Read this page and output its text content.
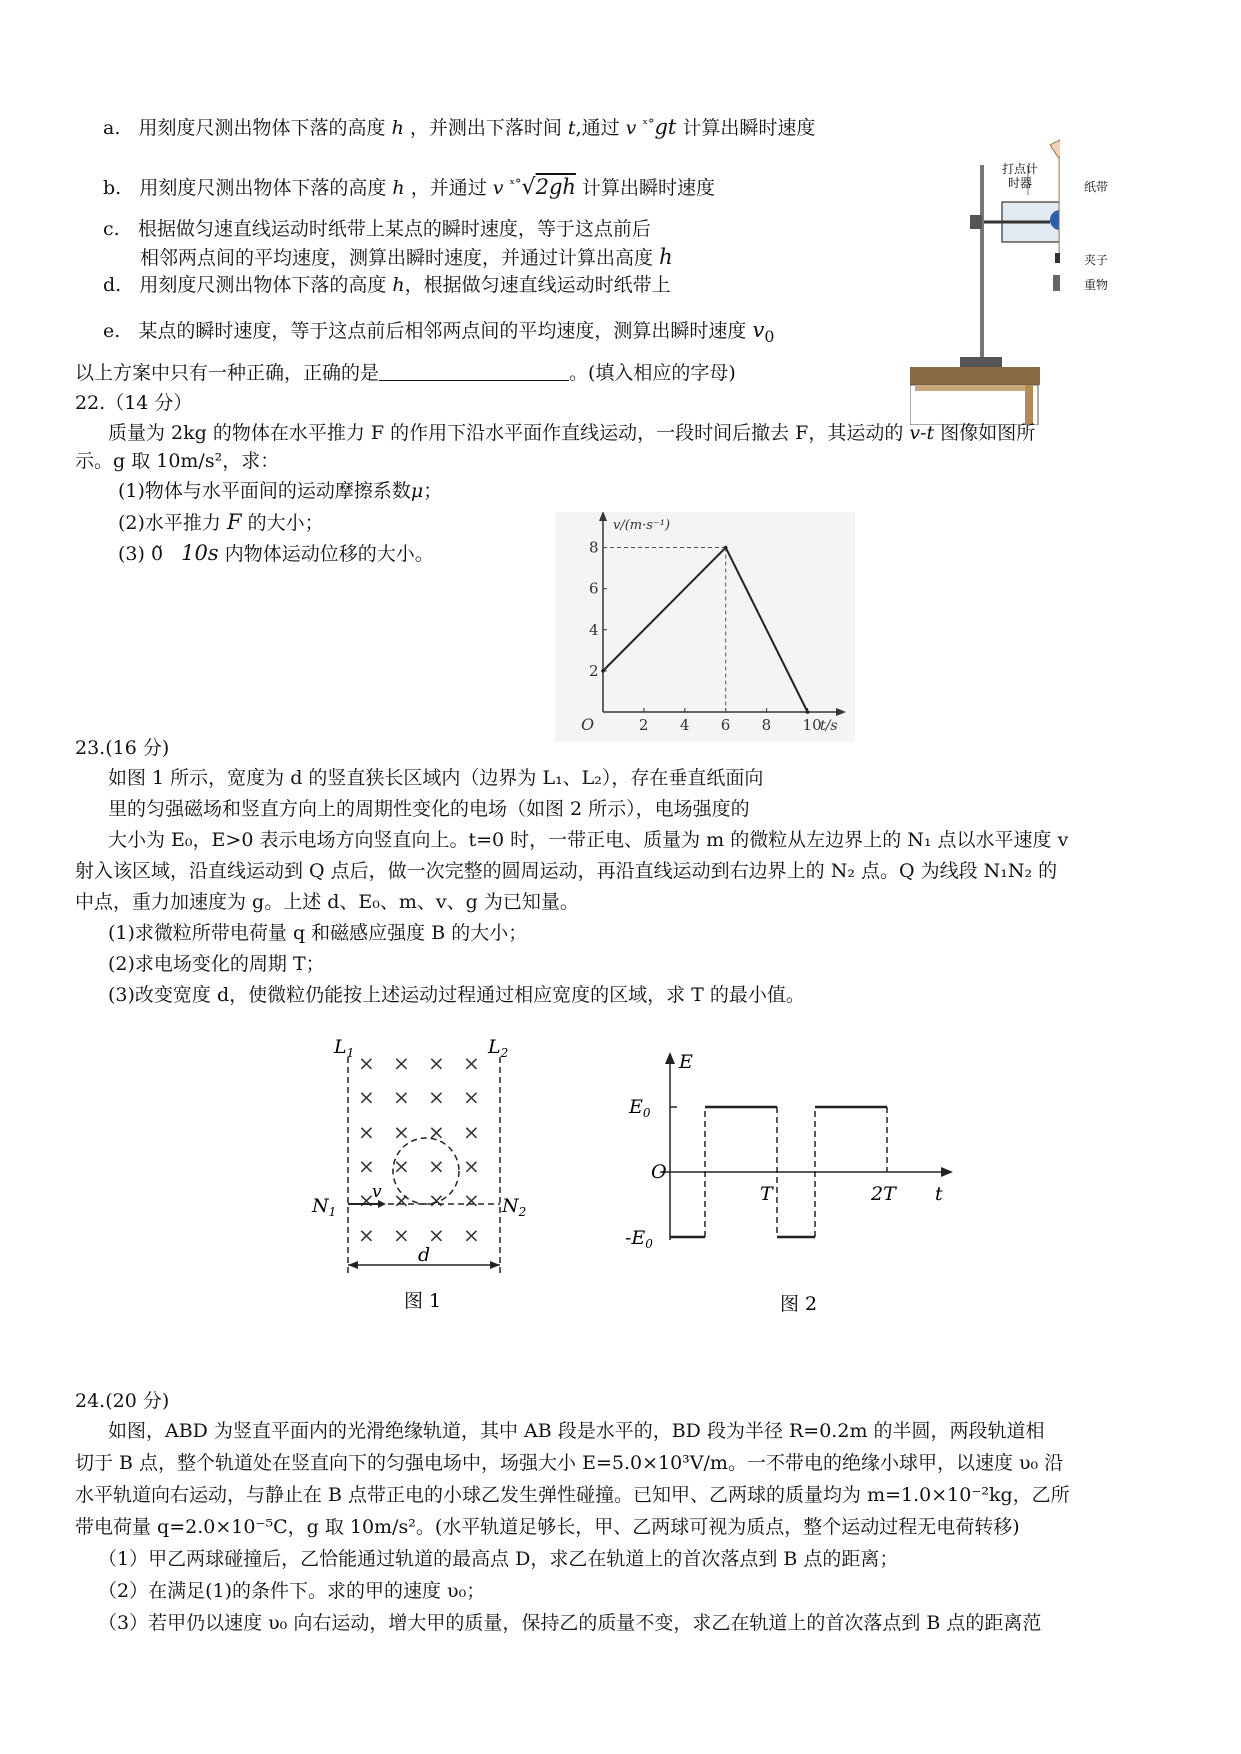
a. 用刻度尺测出物体下落的高度 h ，并测出下落时间 t,通过 v $^{ˣ^\circ}$gt 计算出瞬时速度
b. 用刻度尺测出物体下落的高度 h ，并通过 v $^{ˣ^\circ}$√2gh 计算出瞬时速度
c. 根据做匀速直线运动时纸带上某点的瞬时速度，等于这点前后
相邻两点间的平均速度，测算出瞬时速度，并通过计算出高度 h
d. 用刻度尺测出物体下落的高度 h，根据做匀速直线运动时纸带上
e. 某点的瞬时速度，等于这点前后相邻两点间的平均速度，测算出瞬时速度 $v_0$
以上方案中只有一种正确，正确的是	。(填入相应的字母)
打点计
时器	纸带
夹子
重物
22.（14 分）
质量为 2kg 的物体在水平推力 F 的作用下沿水平面作直线运动，一段时间后撤去 F，其运动的 v-t 图像如图所
示。g 取 10m/s²，求：
(1)物体与水平面间的运动摩擦系数μ；
(2)水平推力 F 的大小；
(3) 0̃ 10s 内物体运动位移的大小。
2 4 6 8 10
2
4
6
8
O	t/s
v/(m·s⁻¹)
23.(16 分)
如图 1 所示，宽度为 d 的竖直狭长区域内（边界为 L₁、L₂），存在垂直纸面向
里的匀强磁场和竖直方向上的周期性变化的电场（如图 2 所示），电场强度的
大小为 E₀，E>0 表示电场方向竖直向上。t=0 时，一带正电、质量为 m 的微粒从左边界上的 N₁ 点以水平速度 v
射入该区域，沿直线运动到 Q 点后，做一次完整的圆周运动，再沿直线运动到右边界上的 N₂ 点。Q 为线段 N₁N₂ 的
中点，重力加速度为 g。上述 d、E₀、m、v、g 为已知量。
(1)求微粒所带电荷量 q 和磁感应强度 B 的大小；
(2)求电场变化的周期 T；
(3)改变宽度 d，使微粒仍能按上述运动过程通过相应宽度的区域，求 T 的最小值。
× × × ×
× × × ×
× × × ×
× × × ×
× × × ×
× × × ×
$L_1$	$L_2$
$N_1$	$N_2$
v
d
图 1
E
$E_0$
$-E_0$
O
T	2T t
图 2
24.(20 分)
如图，ABD 为竖直平面内的光滑绝缘轨道，其中 AB 段是水平的，BD 段为半径 R=0.2m 的半圆，两段轨道相
切于 B 点，整个轨道处在竖直向下的匀强电场中，场强大小 E=5.0×10³V/m。一不带电的绝缘小球甲，以速度 υ₀ 沿
水平轨道向右运动，与静止在 B 点带正电的小球乙发生弹性碰撞。已知甲、乙两球的质量均为 m=1.0×10⁻²kg，乙所
带电荷量 q=2.0×10⁻⁵C，g 取 10m/s²。(水平轨道足够长，甲、乙两球可视为质点，整个运动过程无电荷转移)
（1）甲乙两球碰撞后，乙恰能通过轨道的最高点 D，求乙在轨道上的首次落点到 B 点的距离；
（2）在满足(1)的条件下。求的甲的速度 υ₀；
（3）若甲仍以速度 υ₀ 向右运动，增大甲的质量，保持乙的质量不变，求乙在轨道上的首次落点到 B 点的距离范
